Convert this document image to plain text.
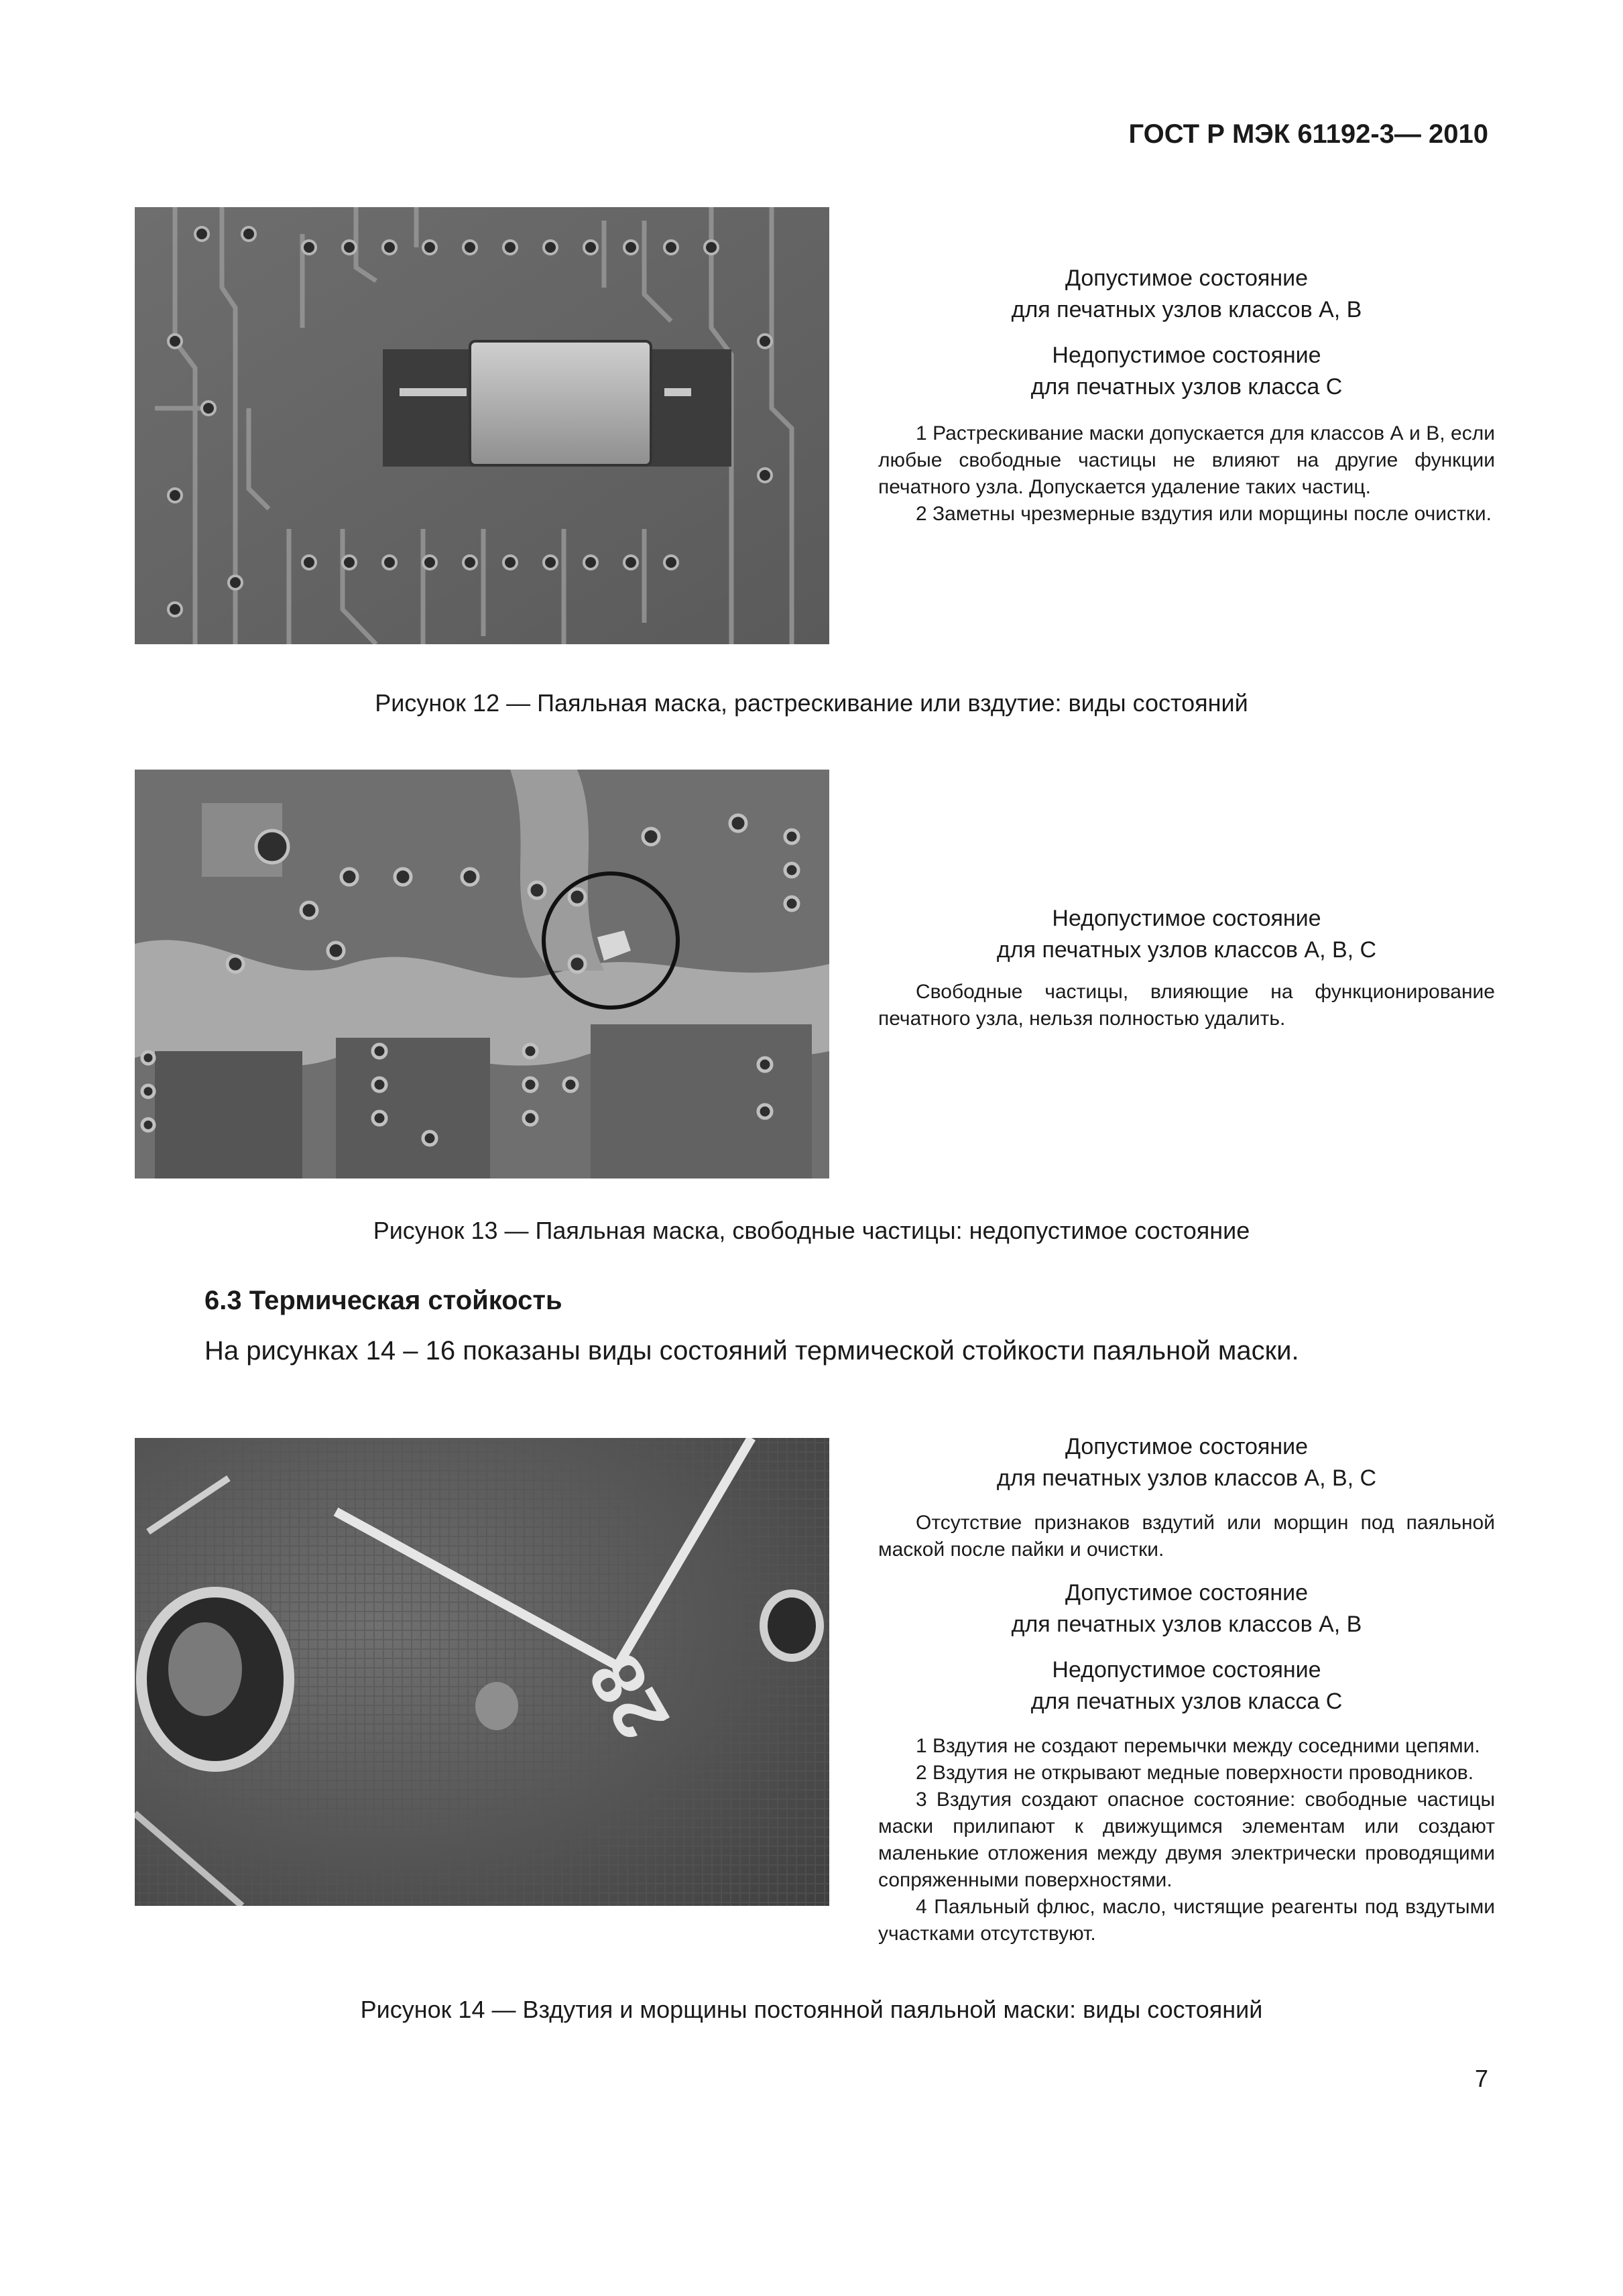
ГОСТ Р МЭК 61192-3— 2010
Допустимое состояние
для печатных узлов классов А, В
Недопустимое состояние
для печатных узлов класса С

1 Растрескивание маски допускается для классов А и В, если любые свободные частицы не влияют на другие функции печатного узла. Допускается удаление таких частиц.

2 Заметны чрезмерные вздутия или морщины после очистки.

Рисунок 12 — Паяльная маска, растрескивание или вздутие: виды состояний
Недопустимое состояние
для печатных узлов классов А, В, С

Свободные частицы, влияющие на функционирование печатного узла, нельзя полностью удалить.

Рисунок 13 — Паяльная маска, свободные частицы: недопустимое состояние
6.3 Термическая стойкость
На рисунках 14 – 16 показаны виды состояний термической стойкости паяльной маски.
28
Допустимое состояние
для печатных узлов классов А, В, С

Отсутствие признаков вздутий или морщин под паяльной маской после пайки и очистки.

Допустимое состояние
для печатных узлов классов А, В
Недопустимое состояние
для печатных узлов класса С

1 Вздутия не создают перемычки между соседними цепями.

2 Вздутия не открывают медные поверхности проводников.

3 Вздутия создают опасное состояние: свободные частицы маски прилипают к движущимся элементам или создают маленькие отложения между двумя электрически проводящими сопряженными поверхностями.

4 Паяльный флюс, масло, чистящие реагенты под вздутыми участками отсутствуют.

Рисунок 14 — Вздутия и морщины постоянной паяльной маски: виды состояний
7
